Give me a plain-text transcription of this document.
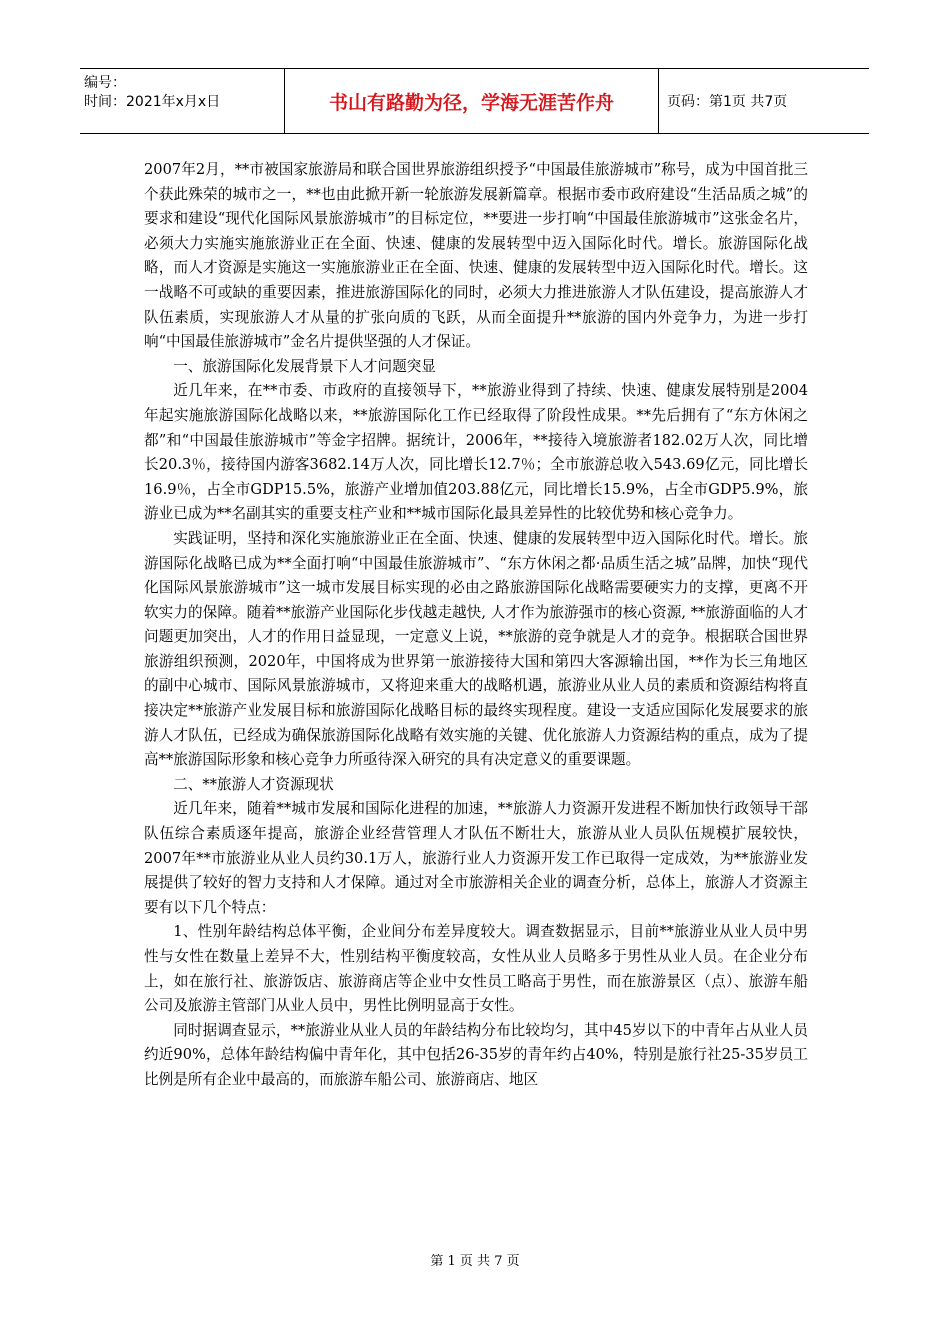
编号：
时间：2021年x月x日	书山有路勤为径，学海无涯苦作舟	页码：第1页 共7页

2007年2月，**市被国家旅游局和联合国世界旅游组织授予“中国最佳旅游城市”称号，成为中国首批三个获此殊荣的城市之一，**也由此掀开新一轮旅游发展新篇章。根据市委市政府建设“生活品质之城”的要求和建设“现代化国际风景旅游城市”的目标定位，**要进一步打响“中国最佳旅游城市”这张金名片，必须大力实施实施旅游业正在全面、快速、健康的发展转型中迈入国际化时代。增长。旅游国际化战略，而人才资源是实施这一实施旅游业正在全面、快速、健康的发展转型中迈入国际化时代。增长。这一战略不可或缺的重要因素，推进旅游国际化的同时，必须大力推进旅游人才队伍建设，提高旅游人才队伍素质，实现旅游人才从量的扩张向质的飞跃，从而全面提升**旅游的国内外竞争力，为进一步打响“中国最佳旅游城市”金名片提供坚强的人才保证。

一、旅游国际化发展背景下人才问题突显

近几年来，在**市委、市政府的直接领导下，**旅游业得到了持续、快速、健康发展特别是2004年起实施旅游国际化战略以来，**旅游国际化工作已经取得了阶段性成果。**先后拥有了“东方休闲之都”和“中国最佳旅游城市”等金字招牌。据统计，2006年，**接待入境旅游者182.02万人次，同比增长20.3％，接待国内游客3682.14万人次，同比增长12.7％；全市旅游总收入543.69亿元，同比增长16.9％，占全市GDP15.5%，旅游产业增加值203.88亿元，同比增长15.9%，占全市GDP5.9%，旅游业已成为**名副其实的重要支柱产业和**城市国际化最具差异性的比较优势和核心竞争力。

实践证明，坚持和深化实施旅游业正在全面、快速、健康的发展转型中迈入国际化时代。增长。旅游国际化战略已成为**全面打响“中国最佳旅游城市”、“东方休闲之都·品质生活之城”品牌，加快“现代化国际风景旅游城市”这一城市发展目标实现的必由之路旅游国际化战略需要硬实力的支撑，更离不开软实力的保障。随着**旅游产业国际化步伐越走越快, 人才作为旅游强市的核心资源, **旅游面临的人才问题更加突出，人才的作用日益显现，一定意义上说，**旅游的竞争就是人才的竞争。根据联合国世界旅游组织预测，2020年，中国将成为世界第一旅游接待大国和第四大客源输出国，**作为长三角地区的副中心城市、国际风景旅游城市，又将迎来重大的战略机遇，旅游业从业人员的素质和资源结构将直接决定**旅游产业发展目标和旅游国际化战略目标的最终实现程度。建设一支适应国际化发展要求的旅游人才队伍，已经成为确保旅游国际化战略有效实施的关键、优化旅游人力资源结构的重点，成为了提高**旅游国际形象和核心竞争力所亟待深入研究的具有决定意义的重要课题。

二、**旅游人才资源现状

近几年来，随着**城市发展和国际化进程的加速，**旅游人力资源开发进程不断加快行政领导干部队伍综合素质逐年提高，旅游企业经营管理人才队伍不断壮大，旅游从业人员队伍规模扩展较快，2007年**市旅游业从业人员约30.1万人，旅游行业人力资源开发工作已取得一定成效，为**旅游业发展提供了较好的智力支持和人才保障。通过对全市旅游相关企业的调查分析，总体上，旅游人才资源主要有以下几个特点：

1、性别年龄结构总体平衡，企业间分布差异度较大。调查数据显示，目前**旅游业从业人员中男性与女性在数量上差异不大，性别结构平衡度较高，女性从业人员略多于男性从业人员。在企业分布上，如在旅行社、旅游饭店、旅游商店等企业中女性员工略高于男性，而在旅游景区（点）、旅游车船公司及旅游主管部门从业人员中，男性比例明显高于女性。

同时据调查显示，**旅游业从业人员的年龄结构分布比较均匀，其中45岁以下的中青年占从业人员约近90%，总体年龄结构偏中青年化，其中包括26-35岁的青年约占40%，特别是旅行社25-35岁员工比例是所有企业中最高的，而旅游车船公司、旅游商店、地区

第 1 页 共 7 页
